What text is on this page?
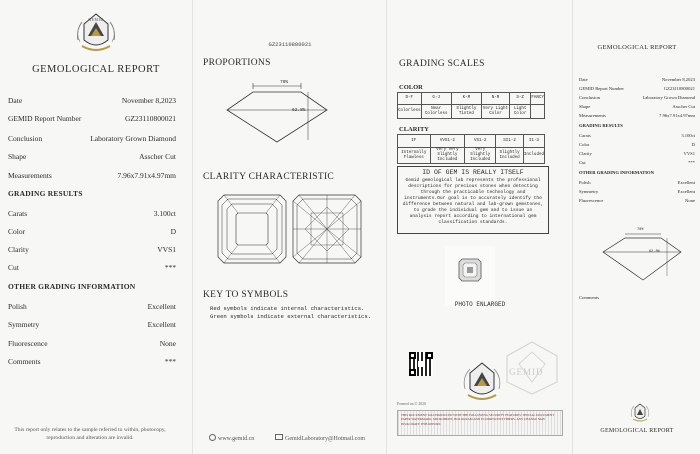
GEMID
GEMOLOGICAL REPORT
Date	November 8,2023
GEMID Report Number	GZ23110800021
Conclusion	Laboratory Grown Diamond
Shape	Asscher Cut
Measurements	7.96x7.91x4.97mm
GRADING RESULTS
Carats	3.100ct
Color	D
Clarity	VVS1
Cut	***
OTHER GRADING INFORMATION
Polish	Excellent
Symmetry	Excellent
Fluorescence	None
Comments	***
This report only relates to the sample referred to within, photocopy, reproduction and alteration are invalid.
GZ23110800021
PROPORTIONS
70%
62.8%
CLARITY CHARACTERISTIC
KEY TO SYMBOLS
Red symbols indicate internal characteristics.
Green symbols indicate external characteristics.
www.gemid.cn	GemidLaboratory@Hotmail.com
GRADING SCALES
COLOR
D-F	G-J	K-M	N-R	S-Z	FANCY
Colorless	Near Colorless	Slightly Tinted	Very Light Color	Light Color	
CLARITY
IF	VVS1-2	VS1-2	SI1-2	I1-3
Internally Flawless	Very Very Slightly Included	Very Slightly Included	Slightly Included	Included
ID OF GEM IS REALLY ITSELF
Gemid gemological lab represents the professional descriptions for precious stones when detecting through the practicable technology and instruments.Our goal is to accurately identify the difference between natural and lab-grown gemstones, to grade the individual gem and to issue an analysis report according to international gem classification standards.
PHOTO ENLARGED
GEMID
Formed on © 2020
THIS DOCUMENT WAS PRODUCED WITH THE FOLLOWING SECURITY FEATURES: SPECIAL DOCUMENT PAPER WATERMARK, MICROPRINT, HOLOGRAM AND FLUORESCENT FIBERS. ANY CHANGE MAY INVALIDATE THIS REPORT.
GEMOLOGICAL REPORT
Date	November 8,2023
GEMID Report Number	GZ23110800021
Conclusion	Laboratory Grown Diamond
Shape	Asscher Cut
Measurements	7.96x7.91x4.97mm
GRADING RESULTS
Carats	3.100ct
Color	D
Clarity	VVS1
Cut	***
OTHER GRADING INFORMATION
Polish	Excellent
Symmetry	Excellent
Fluorescence	None
70%
62.8%
Comments
GEMOLOGICAL REPORT
